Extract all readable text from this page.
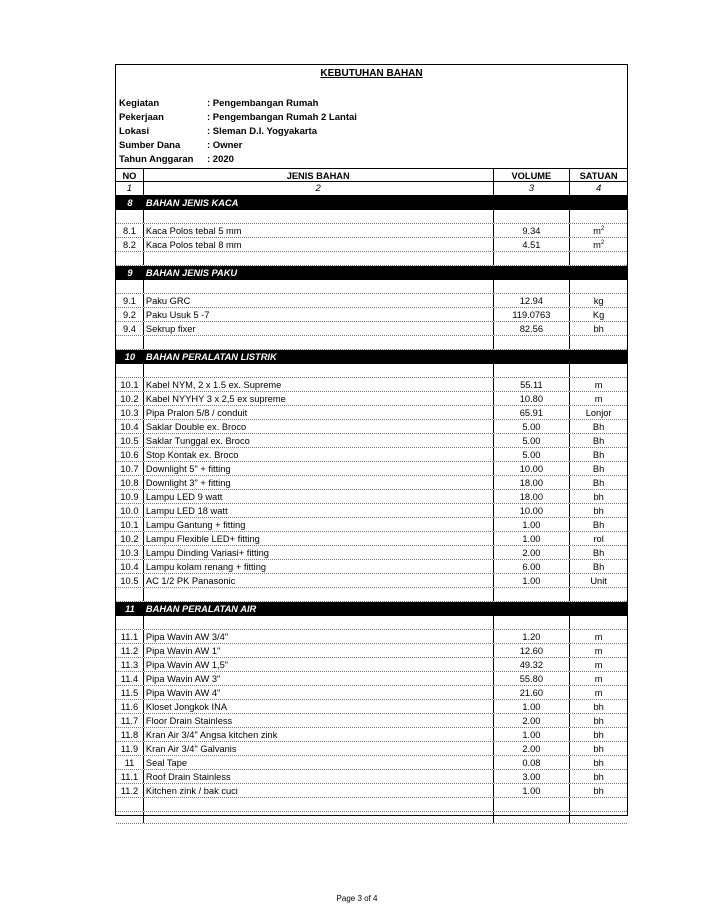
KEBUTUHAN BAHAN
Kegiatan	: Pengembangan Rumah
Pekerjaan	: Pengembangan Rumah 2 Lantai
Lokasi	: Sleman D.I. Yogyakarta
Sumber Dana	: Owner
Tahun Anggaran	: 2020
NO	JENIS BAHAN	VOLUME	SATUAN
1	2	3	4
8	BAHAN JENIS KACA
8.1	Kaca Polos tebal 5 mm	9.34	$m^2$
8.2	Kaca Polos tebal 8 mm	4.51	$m^2$
9	BAHAN JENIS PAKU
9.1	Paku GRC	12.94	kg
9.2	Paku Usuk 5 -7	119.0763	Kg
9.4	Sekrup fixer	82.56	bh
10	BAHAN PERALATAN LISTRIK
10.1 Kabel NYM, 2 x 1.5 ex. Supreme	55.11	m
10.2 Kabel NYYHY 3 x 2,5 ex supreme	10.80	m
10.3 Pipa Pralon 5/8 / conduit	65.91	Lonjor
10.4 Saklar Double ex. Broco	5.00	Bh
10.5 Saklar Tunggal ex. Broco	5.00	Bh
10.6 Stop Kontak ex. Broco	5.00	Bh
10.7 Downlight 5" + fitting	10.00	Bh
10.8 Downlight 3" + fitting	18.00	Bh
10.9 Lampu LED 9 watt	18.00	bh
10.0 Lampu LED 18 watt	10.00	bh
10.1 Lampu Gantung + fitting	1.00	Bh
10.2 Lampu Flexible LED+ fitting	1.00	rol
10.3 Lampu Dinding Variasi+ fitting	2.00	Bh
10.4 Lampu kolam renang + fitting	6.00	Bh
10.5 AC 1/2 PK Panasonic	1.00	Unit
11	BAHAN PERALATAN AIR
11.1 Pipa Wavin AW 3/4"	1.20	m
11.2 Pipa Wavin AW 1"	12.60	m
11.3 Pipa Wavin AW 1,5"	49.32	m
11.4 Pipa Wavin AW 3"	55.80	m
11.5 Pipa Wavin AW 4"	21.60	m
11.6 Kloset Jongkok INA	1.00	bh
11.7 Floor Drain Stainless	2.00	bh
11.8 Kran Air 3/4" Angsa kitchen zink	1.00	bh
11.9 Kran Air 3/4" Galvanis	2.00	bh
11	Seal Tape	0.08	bh
11.1 Roof Drain Stainless	3.00	bh
11.2 Kitchen zink / bak cuci	1.00	bh
Page 3 of 4
